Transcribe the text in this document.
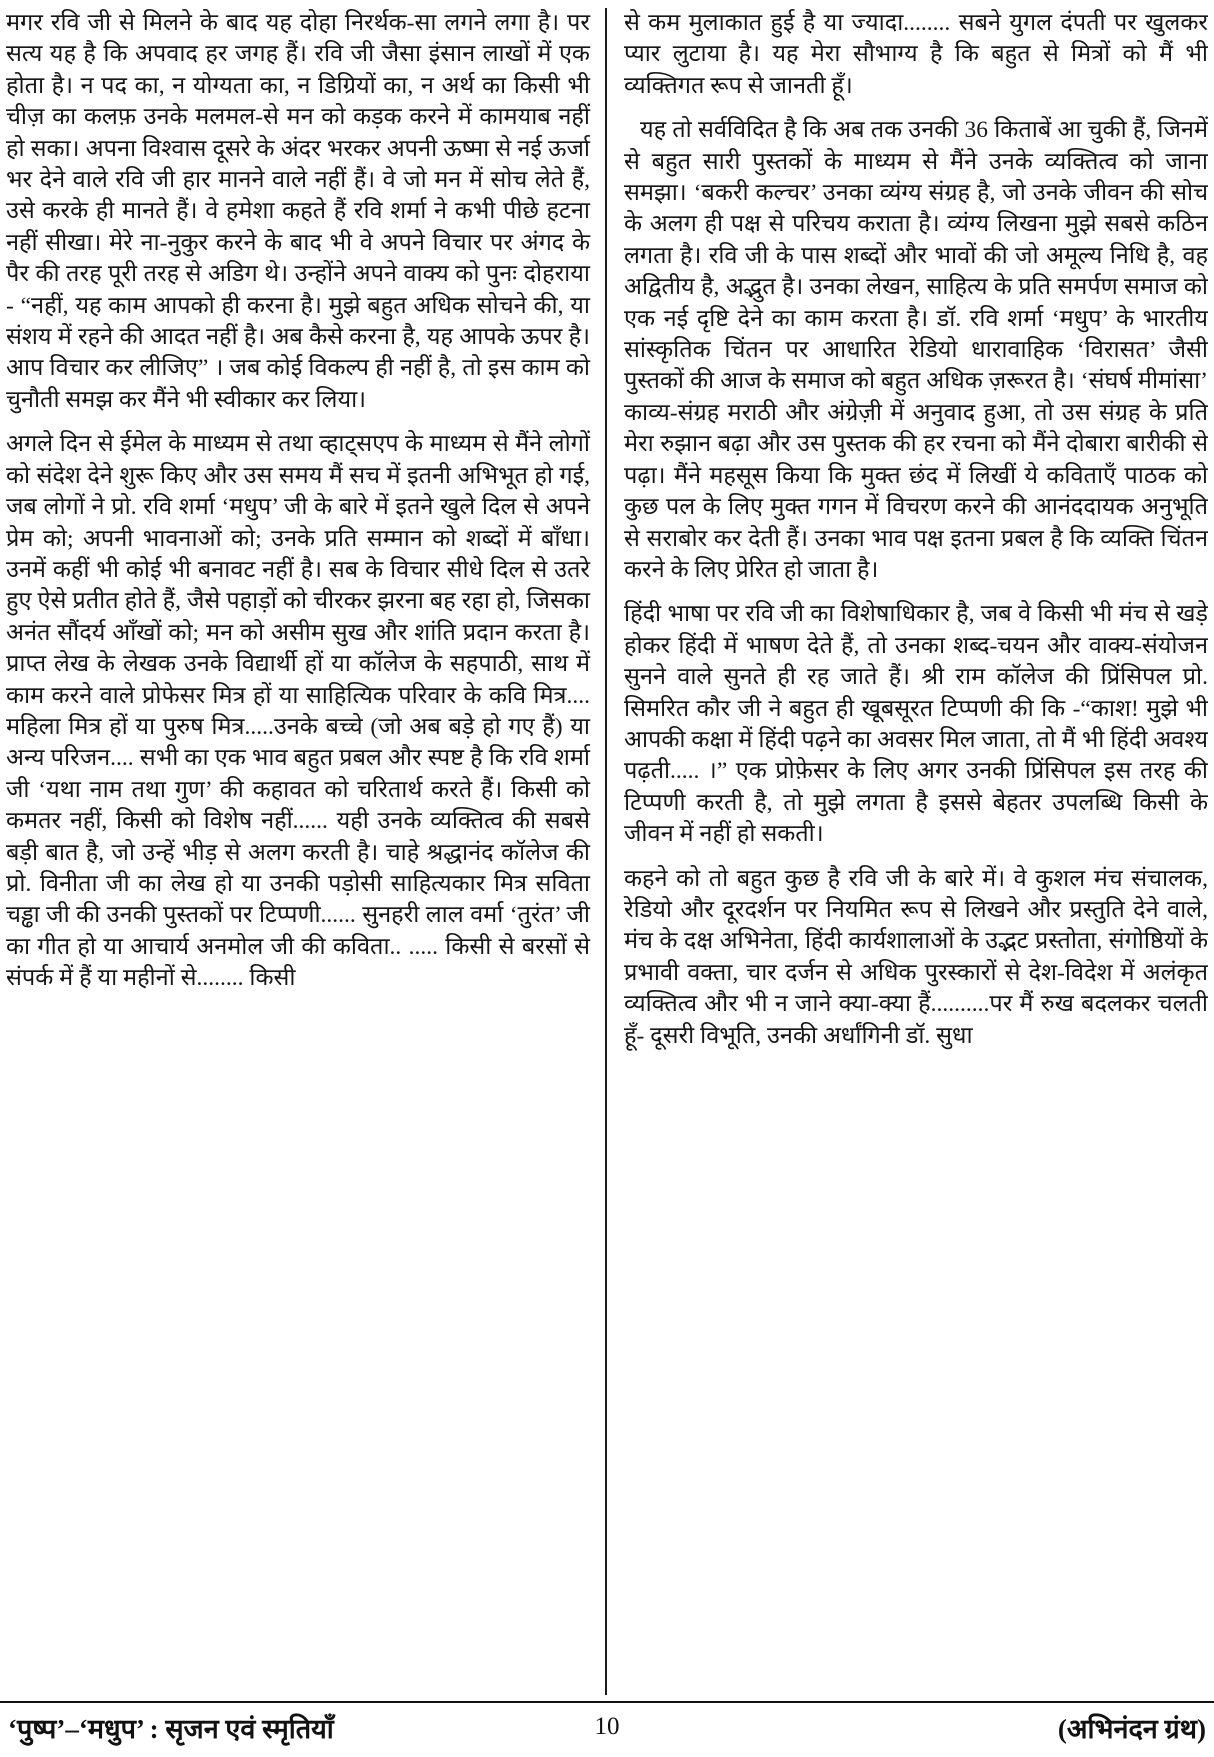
मगर रवि जी से मिलने के बाद यह दोहा निरर्थक-सा लगने लगा है। पर सत्य यह है कि अपवाद हर जगह हैं। रवि जी जैसा इंसान लाखों में एक होता है। न पद का, न योग्यता का, न डिग्रियों का, न अर्थ का किसी भी चीज़ का कलफ़ उनके मलमल-से मन को कड़क करने में कामयाब नहीं हो सका। अपना विश्वास दूसरे के अंदर भरकर अपनी ऊष्मा से नई ऊर्जा भर देने वाले रवि जी हार मानने वाले नहीं हैं। वे जो मन में सोच लेते हैं, उसे करके ही मानते हैं। वे हमेशा कहते हैं रवि शर्मा ने कभी पीछे हटना नहीं सीखा। मेरे ना-नुकुर करने के बाद भी वे अपने विचार पर अंगद के पैर की तरह पूरी तरह से अडिग थे। उन्होंने अपने वाक्य को पुनः दोहराया - “नहीं, यह काम आपको ही करना है। मुझे बहुत अधिक सोचने की, या संशय में रहने की आदत नहीं है। अब कैसे करना है, यह आपके ऊपर है। आप विचार कर लीजिए” । जब कोई विकल्प ही नहीं है, तो इस काम को चुनौती समझ कर मैंने भी स्वीकार कर लिया।

अगले दिन से ईमेल के माध्यम से तथा व्हाट्सएप के माध्यम से मैंने लोगों को संदेश देने शुरू किए और उस समय मैं सच में इतनी अभिभूत हो गई, जब लोगों ने प्रो. रवि शर्मा ‘मधुप’ जी के बारे में इतने खुले दिल से अपने प्रेम को; अपनी भावनाओं को; उनके प्रति सम्मान को शब्दों में बाँधा। उनमें कहीं भी कोई भी बनावट नहीं है। सब के विचार सीधे दिल से उतरे हुए ऐसे प्रतीत होते हैं, जैसे पहाड़ों को चीरकर झरना बह रहा हो, जिसका अनंत सौंदर्य आँखों को; मन को असीम सुख और शांति प्रदान करता है। प्राप्त लेख के लेखक उनके विद्यार्थी हों या कॉलेज के सहपाठी, साथ में काम करने वाले प्रोफेसर मित्र हों या साहित्यिक परिवार के कवि मित्र.... महिला मित्र हों या पुरुष मित्र.....उनके बच्चे (जो अब बड़े हो गए हैं) या अन्य परिजन.... सभी का एक भाव बहुत प्रबल और स्पष्ट है कि रवि शर्मा जी ‘यथा नाम तथा गुण’ की कहावत को चरितार्थ करते हैं। किसी को कमतर नहीं, किसी को विशेष नहीं...... यही उनके व्यक्तित्व की सबसे बड़ी बात है, जो उन्हें भीड़ से अलग करती है। चाहे श्रद्धानंद कॉलेज की प्रो. विनीता जी का लेख हो या उनकी पड़ोसी साहित्यकार मित्र सविता चड्ढा जी की उनकी पुस्तकों पर टिप्पणी...... सुनहरी लाल वर्मा ‘तुरंत’ जी का गीत हो या आचार्य अनमोल जी की कविता.. ..... किसी से बरसों से संपर्क में हैं या महीनों से........ किसी

से कम मुलाकात हुई है या ज्यादा........ सबने युगल दंपती पर खुलकर प्यार लुटाया है। यह मेरा सौभाग्य है कि बहुत से मित्रों को मैं भी व्यक्तिगत रूप से जानती हूँ।

यह तो सर्वविदित है कि अब तक उनकी 36 किताबें आ चुकी हैं, जिनमें से बहुत सारी पुस्तकों के माध्यम से मैंने उनके व्यक्तित्व को जाना समझा। ‘बकरी कल्चर’ उनका व्यंग्य संग्रह है, जो उनके जीवन की सोच के अलग ही पक्ष से परिचय कराता है। व्यंग्य लिखना मुझे सबसे कठिन लगता है। रवि जी के पास शब्दों और भावों की जो अमूल्य निधि है, वह अद्वितीय है, अद्भुत है। उनका लेखन, साहित्य के प्रति समर्पण समाज को एक नई दृष्टि देने का काम करता है। डॉ. रवि शर्मा ‘मधुप’ के भारतीय सांस्कृतिक चिंतन पर आधारित रेडियो धारावाहिक ‘विरासत’ जैसी पुस्तकों की आज के समाज को बहुत अधिक ज़रूरत है। ‘संघर्ष मीमांसा’ काव्य-संग्रह मराठी और अंग्रेज़ी में अनुवाद हुआ, तो उस संग्रह के प्रति मेरा रुझान बढ़ा और उस पुस्तक की हर रचना को मैंने दोबारा बारीकी से पढ़ा। मैंने महसूस किया कि मुक्त छंद में लिखीं ये कविताएँ पाठक को कुछ पल के लिए मुक्त गगन में विचरण करने की आनंददायक अनुभूति से सराबोर कर देती हैं। उनका भाव पक्ष इतना प्रबल है कि व्यक्ति चिंतन करने के लिए प्रेरित हो जाता है।

हिंदी भाषा पर रवि जी का विशेषाधिकार है, जब वे किसी भी मंच से खड़े होकर हिंदी में भाषण देते हैं, तो उनका शब्द-चयन और वाक्य-संयोजन सुनने वाले सुनते ही रह जाते हैं। श्री राम कॉलेज की प्रिंसिपल प्रो. सिमरित कौर जी ने बहुत ही खूबसूरत टिप्पणी की कि -“काश! मुझे भी आपकी कक्षा में हिंदी पढ़ने का अवसर मिल जाता, तो मैं भी हिंदी अवश्य पढ़ती..... ।” एक प्रोफ़ेसर के लिए अगर उनकी प्रिंसिपल इस तरह की टिप्पणी करती है, तो मुझे लगता है इससे बेहतर उपलब्धि किसी के जीवन में नहीं हो सकती।

कहने को तो बहुत कुछ है रवि जी के बारे में। वे कुशल मंच संचालक, रेडियो और दूरदर्शन पर नियमित रूप से लिखने और प्रस्तुति देने वाले, मंच के दक्ष अभिनेता, हिंदी कार्यशालाओं के उद्भट प्रस्तोता, संगोष्ठियों के प्रभावी वक्ता, चार दर्जन से अधिक पुरस्कारों से देश-विदेश में अलंकृत व्यक्तित्व और भी न जाने क्या-क्या हैं..........पर मैं रुख बदलकर चलती हूँ- दूसरी विभूति, उनकी अर्धांगिनी डॉ. सुधा

‘पुष्प’–‘मधुप’ : सृजन एवं स्मृतियाँ	10	(अभिनंदन ग्रंथ)
